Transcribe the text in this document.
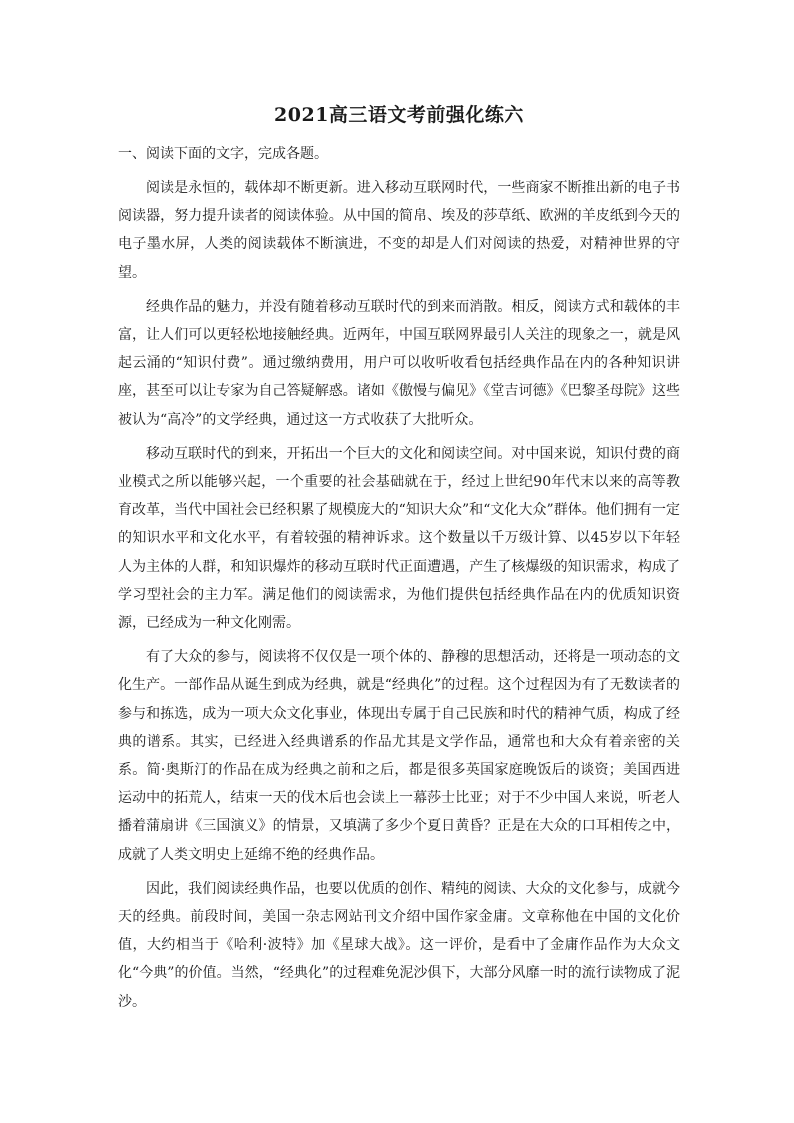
2021高三语文考前强化练六

一、阅读下面的文字，完成各题。

阅读是永恒的，载体却不断更新。进入移动互联网时代，一些商家不断推出新的电子书阅读器，努力提升读者的阅读体验。从中国的简帛、埃及的莎草纸、欧洲的羊皮纸到今天的电子墨水屏，人类的阅读载体不断演进，不变的却是人们对阅读的热爱，对精神世界的守望。

经典作品的魅力，并没有随着移动互联时代的到来而消散。相反，阅读方式和载体的丰富，让人们可以更轻松地接触经典。近两年，中国互联网界最引人关注的现象之一，就是风起云涌的“知识付费”。通过缴纳费用，用户可以收听收看包括经典作品在内的各种知识讲座，甚至可以让专家为自己答疑解惑。诸如《傲慢与偏见》《堂吉诃德》《巴黎圣母院》这些被认为“高冷”的文学经典，通过这一方式收获了大批听众。

移动互联时代的到来，开拓出一个巨大的文化和阅读空间。对中国来说，知识付费的商业模式之所以能够兴起，一个重要的社会基础就在于，经过上世纪90年代末以来的高等教育改革，当代中国社会已经积累了规模庞大的“知识大众”和“文化大众”群体。他们拥有一定的知识水平和文化水平，有着较强的精神诉求。这个数量以千万级计算、以45岁以下年轻人为主体的人群，和知识爆炸的移动互联时代正面遭遇，产生了核爆级的知识需求，构成了学习型社会的主力军。满足他们的阅读需求，为他们提供包括经典作品在内的优质知识资源，已经成为一种文化刚需。

有了大众的参与，阅读将不仅仅是一项个体的、静穆的思想活动，还将是一项动态的文化生产。一部作品从诞生到成为经典，就是“经典化”的过程。这个过程因为有了无数读者的参与和拣选，成为一项大众文化事业，体现出专属于自己民族和时代的精神气质，构成了经典的谱系。其实，已经进入经典谱系的作品尤其是文学作品，通常也和大众有着亲密的关系。简·奥斯汀的作品在成为经典之前和之后，都是很多英国家庭晚饭后的谈资；美国西进运动中的拓荒人，结束一天的伐木后也会读上一幕莎士比亚；对于不少中国人来说，听老人播着蒲扇讲《三国演义》的情景，又填满了多少个夏日黄昏？正是在大众的口耳相传之中，成就了人类文明史上延绵不绝的经典作品。

因此，我们阅读经典作品，也要以优质的创作、精纯的阅读、大众的文化参与，成就今天的经典。前段时间，美国一杂志网站刊文介绍中国作家金庸。文章称他在中国的文化价值，大约相当于《哈利·波特》加《星球大战》。这一评价，是看中了金庸作品作为大众文化“今典”的价值。当然，“经典化”的过程难免泥沙俱下，大部分风靡一时的流行读物成了泥沙。
